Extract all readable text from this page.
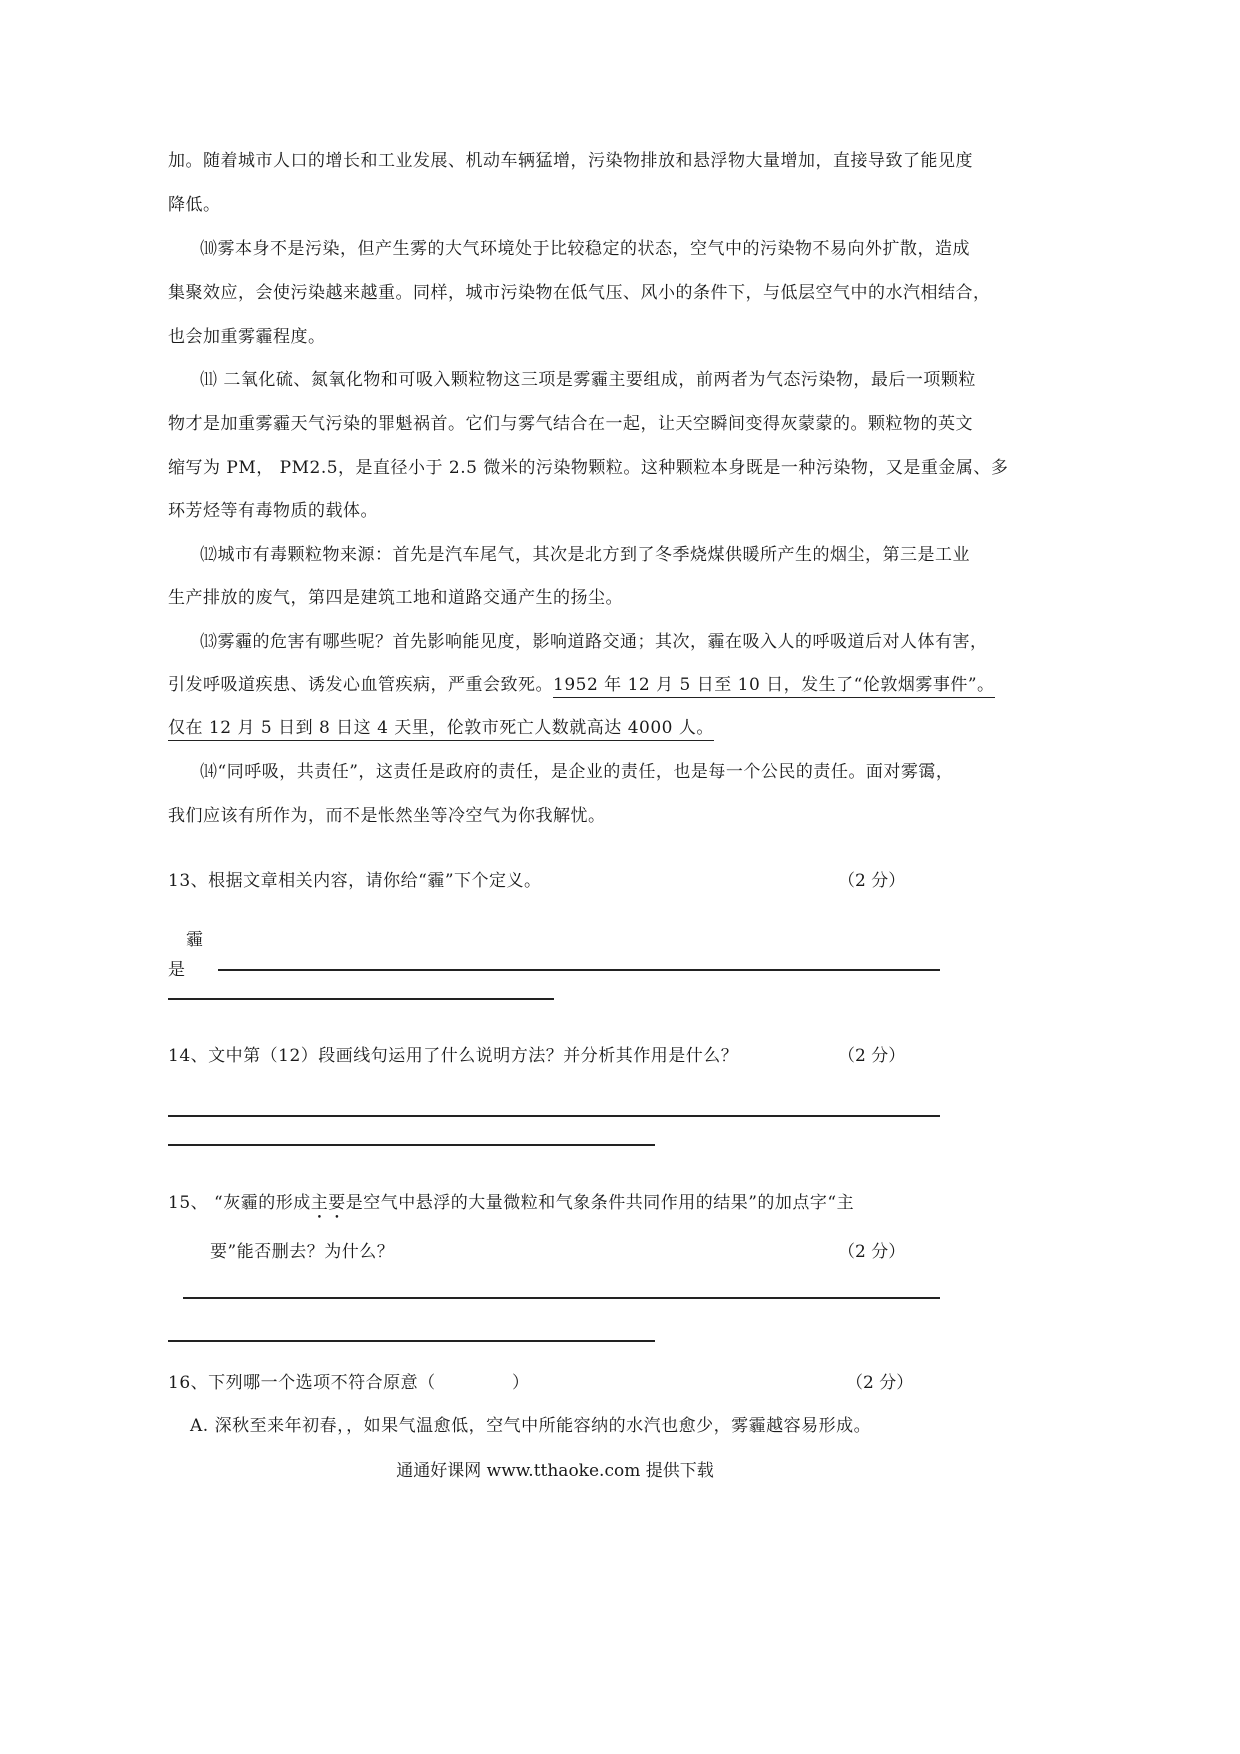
加。随着城市人口的增长和工业发展、机动车辆猛增，污染物排放和悬浮物大量增加，直接导致了能见度
降低。
⑽雾本身不是污染，但产生雾的大气环境处于比较稳定的状态，空气中的污染物不易向外扩散，造成
集聚效应，会使污染越来越重。同样，城市污染物在低气压、风小的条件下，与低层空气中的水汽相结合，
也会加重雾霾程度。
⑾ 二氧化硫、氮氧化物和可吸入颗粒物这三项是雾霾主要组成，前两者为气态污染物，最后一项颗粒
物才是加重雾霾天气污染的罪魁祸首。它们与雾气结合在一起，让天空瞬间变得灰蒙蒙的。颗粒物的英文
缩写为 PM， PM2.5，是直径小于 2.5 微米的污染物颗粒。这种颗粒本身既是一种污染物，又是重金属、多
环芳烃等有毒物质的载体。
⑿城市有毒颗粒物来源：首先是汽车尾气，其次是北方到了冬季烧煤供暖所产生的烟尘，第三是工业
生产排放的废气，第四是建筑工地和道路交通产生的扬尘。
⒀雾霾的危害有哪些呢？首先影响能见度，影响道路交通；其次，霾在吸入人的呼吸道后对人体有害，
引发呼吸道疾患、诱发心血管疾病，严重会致死。1952 年 12 月 5 日至 10 日，发生了“伦敦烟雾事件”。
仅在 12 月 5 日到 8 日这 4 天里，伦敦市死亡人数就高达 4000 人。
⒁“同呼吸，共责任”，这责任是政府的责任，是企业的责任，也是每一个公民的责任。面对雾霭，
我们应该有所作为，而不是怅然坐等冷空气为你我解忧。
13、根据文章相关内容，请你给“霾”下个定义。	（2 分）
霾
是
14、文中第（12）段画线句运用了什么说明方法？并分析其作用是什么？	（2 分）
15、 “灰霾的形成主要是空气中悬浮的大量微粒和气象条件共同作用的结果”的加点字“主
要”能否删去？为什么？	（2 分）
16、下列哪一个选项不符合原意（	）	（2 分）
A. 深秋至来年初春，，如果气温愈低，空气中所能容纳的水汽也愈少，雾霾越容易形成。
通通好课网 www.tthaoke.com 提供下载
